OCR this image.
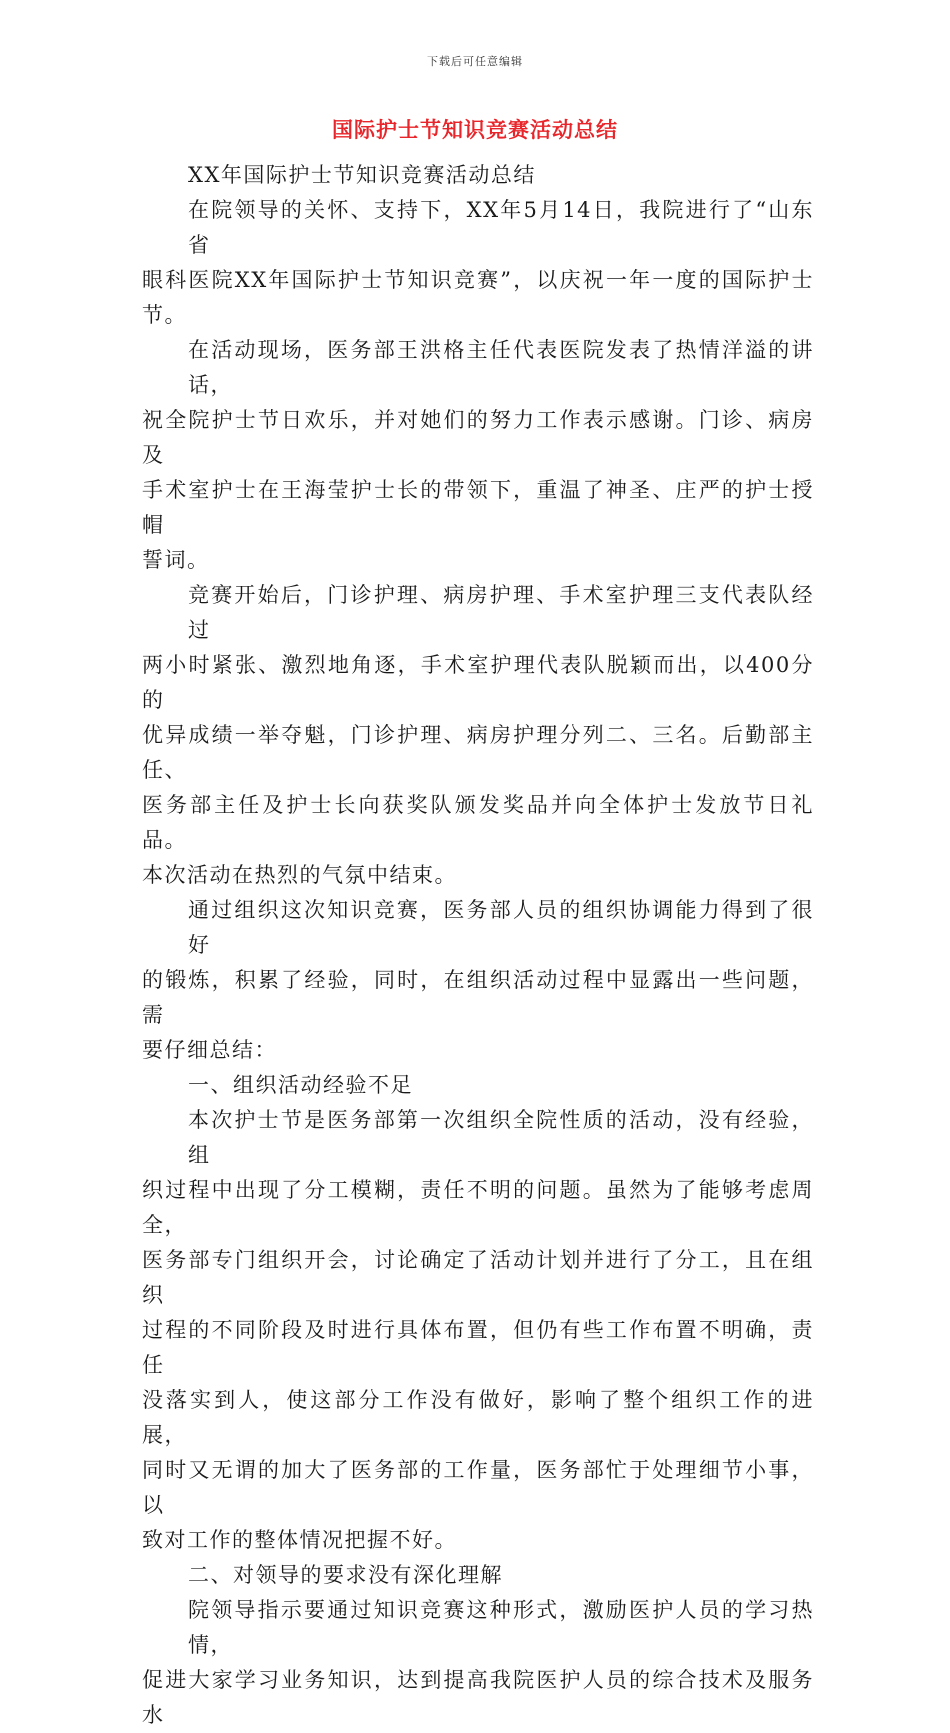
下载后可任意编辑
国际护士节知识竞赛活动总结
XX年国际护士节知识竞赛活动总结
在院领导的关怀、支持下，XX年5月14日，我院进行了“山东省
眼科医院XX年国际护士节知识竞赛”，以庆祝一年一度的国际护士节。
在活动现场，医务部王洪格主任代表医院发表了热情洋溢的讲话，
祝全院护士节日欢乐，并对她们的努力工作表示感谢。门诊、病房及
手术室护士在王海莹护士长的带领下，重温了神圣、庄严的护士授帽
誓词。
竞赛开始后，门诊护理、病房护理、手术室护理三支代表队经过
两小时紧张、激烈地角逐，手术室护理代表队脱颖而出，以400分的
优异成绩一举夺魁，门诊护理、病房护理分列二、三名。后勤部主任、
医务部主任及护士长向获奖队颁发奖品并向全体护士发放节日礼品。
本次活动在热烈的气氛中结束。
通过组织这次知识竞赛，医务部人员的组织协调能力得到了很好
的锻炼，积累了经验，同时，在组织活动过程中显露出一些问题，需
要仔细总结：
一、组织活动经验不足
本次护士节是医务部第一次组织全院性质的活动，没有经验，组
织过程中出现了分工模糊，责任不明的问题。虽然为了能够考虑周全，
医务部专门组织开会，讨论确定了活动计划并进行了分工，且在组织
过程的不同阶段及时进行具体布置，但仍有些工作布置不明确，责任
没落实到人，使这部分工作没有做好，影响了整个组织工作的进展，
同时又无谓的加大了医务部的工作量，医务部忙于处理细节小事，以
致对工作的整体情况把握不好。
二、对领导的要求没有深化理解
院领导指示要通过知识竞赛这种形式，激励医护人员的学习热情，
促进大家学习业务知识，达到提高我院医护人员的综合技术及服务水
